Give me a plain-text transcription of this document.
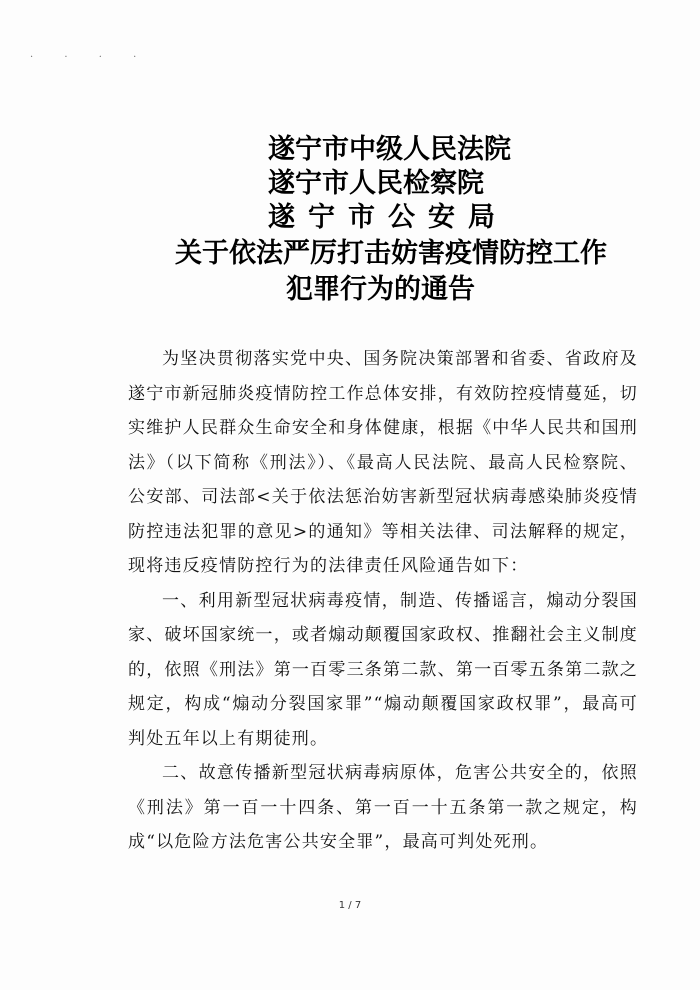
· · · ·
遂宁市中级人民法院
遂宁市人民检察院
遂宁市公安局
关于依法严厉打击妨害疫情防控工作
犯罪行为的通告

为坚决贯彻落实党中央、国务院决策部署和省委、省政府及遂宁市新冠肺炎疫情防控工作总体安排，有效防控疫情蔓延，切实维护人民群众生命安全和身体健康，根据《中华人民共和国刑法》（以下简称《刑法》）、《最高人民法院、最高人民检察院、公安部、司法部<关于依法惩治妨害新型冠状病毒感染肺炎疫情防控违法犯罪的意见>的通知》等相关法律、司法解释的规定，现将违反疫情防控行为的法律责任风险通告如下：

一、利用新型冠状病毒疫情，制造、传播谣言，煽动分裂国家、破坏国家统一，或者煽动颠覆国家政权、推翻社会主义制度的，依照《刑法》第一百零三条第二款、第一百零五条第二款之规定，构成“煽动分裂国家罪”“煽动颠覆国家政权罪”，最高可判处五年以上有期徒刑。

二、故意传播新型冠状病毒病原体，危害公共安全的，依照《刑法》第一百一十四条、第一百一十五条第一款之规定，构成“以危险方法危害公共安全罪”，最高可判处死刑。

1 / 7
